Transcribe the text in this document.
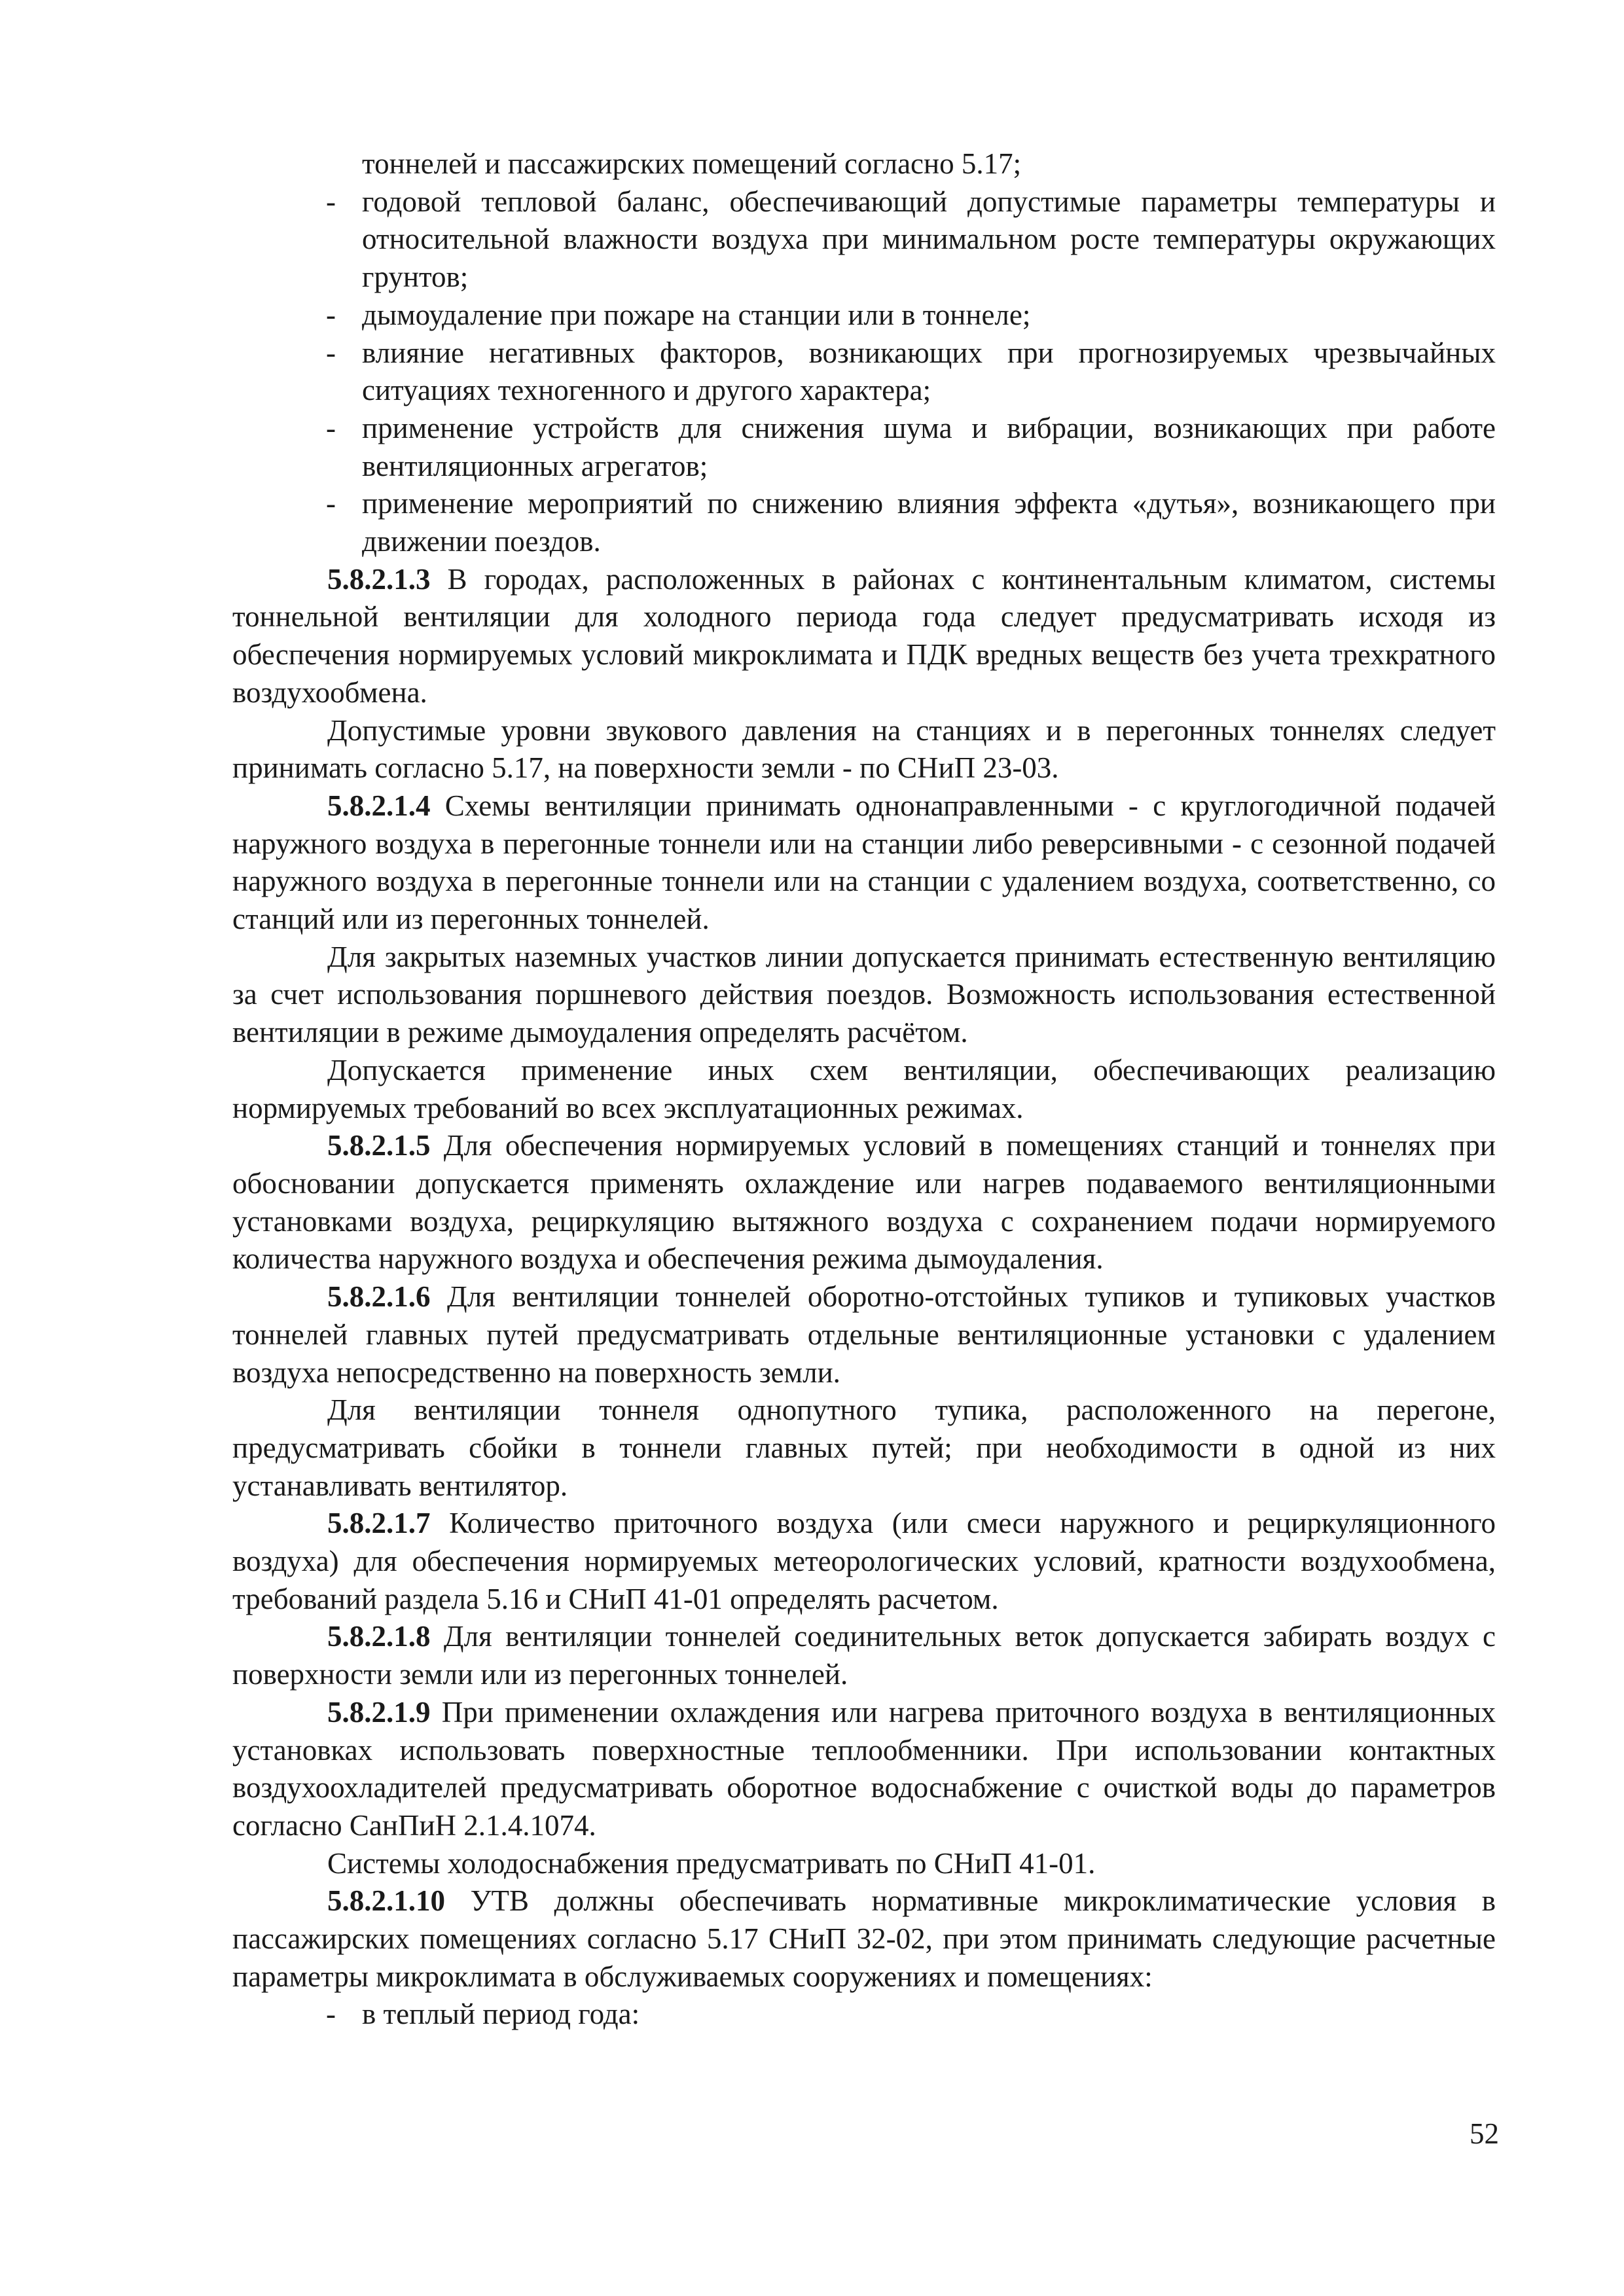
тоннелей и пассажирских помещений согласно 5.17;

- годовой тепловой баланс, обеспечивающий допустимые параметры температуры и относительной влажности воздуха при минимальном росте температуры окружающих грунтов;
- дымоудаление при пожаре на станции или в тоннеле;
- влияние негативных факторов, возникающих при прогнозируемых чрезвычайных ситуациях техногенного и другого характера;
- применение устройств для снижения шума и вибрации, возникающих при работе вентиляционных агрегатов;
- применение мероприятий по снижению влияния эффекта «дутья», возникающего при движении поездов.

5.8.2.1.3 В городах, расположенных в районах с континентальным климатом, системы тоннельной вентиляции для холодного периода года следует предусматривать исходя из обеспечения нормируемых условий микроклимата и ПДК вредных веществ без учета трехкратного воздухообмена.

Допустимые уровни звукового давления на станциях и в перегонных тоннелях следует принимать согласно 5.17, на поверхности земли - по СНиП 23-03.

5.8.2.1.4 Схемы вентиляции принимать однонаправленными - с круглогодичной подачей наружного воздуха в перегонные тоннели или на станции либо реверсивными - с сезонной подачей наружного воздуха в перегонные тоннели или на станции с удалением воздуха, соответственно, со станций или из перегонных тоннелей.

Для закрытых наземных участков линии допускается принимать естественную вентиляцию за счет использования поршневого действия поездов. Возможность использования естественной вентиляции в режиме дымоудаления определять расчётом.

Допускается применение иных схем вентиляции, обеспечивающих реализацию нормируемых требований во всех эксплуатационных режимах.

5.8.2.1.5 Для обеспечения нормируемых условий в помещениях станций и тоннелях при обосновании допускается применять охлаждение или нагрев подаваемого вентиляционными установками воздуха, рециркуляцию вытяжного воздуха с сохранением подачи нормируемого количества наружного воздуха и обеспечения режима дымоудаления.

5.8.2.1.6 Для вентиляции тоннелей оборотно-отстойных тупиков и тупиковых участков тоннелей главных путей предусматривать отдельные вентиляционные установки с удалением воздуха непосредственно на поверхность земли.

Для вентиляции тоннеля однопутного тупика, расположенного на перегоне, предусматривать сбойки в тоннели главных путей; при необходимости в одной из них устанавливать вентилятор.

5.8.2.1.7 Количество приточного воздуха (или смеси наружного и рециркуляционного воздуха) для обеспечения нормируемых метеорологических условий, кратности воздухообмена, требований раздела 5.16 и СНиП 41-01 определять расчетом.

5.8.2.1.8 Для вентиляции тоннелей соединительных веток допускается забирать воздух с поверхности земли или из перегонных тоннелей.

5.8.2.1.9 При применении охлаждения или нагрева приточного воздуха в вентиляционных установках использовать поверхностные теплообменники. При использовании контактных воздухоохладителей предусматривать оборотное водоснабжение с очисткой воды до параметров согласно СанПиН 2.1.4.1074.

Системы холодоснабжения предусматривать по СНиП 41-01.

5.8.2.1.10 УТВ должны обеспечивать нормативные микроклиматические условия в пассажирских помещениях согласно 5.17 СНиП 32-02, при этом принимать следующие расчетные параметры микроклимата в обслуживаемых сооружениях и помещениях:

- в теплый период года:
52
